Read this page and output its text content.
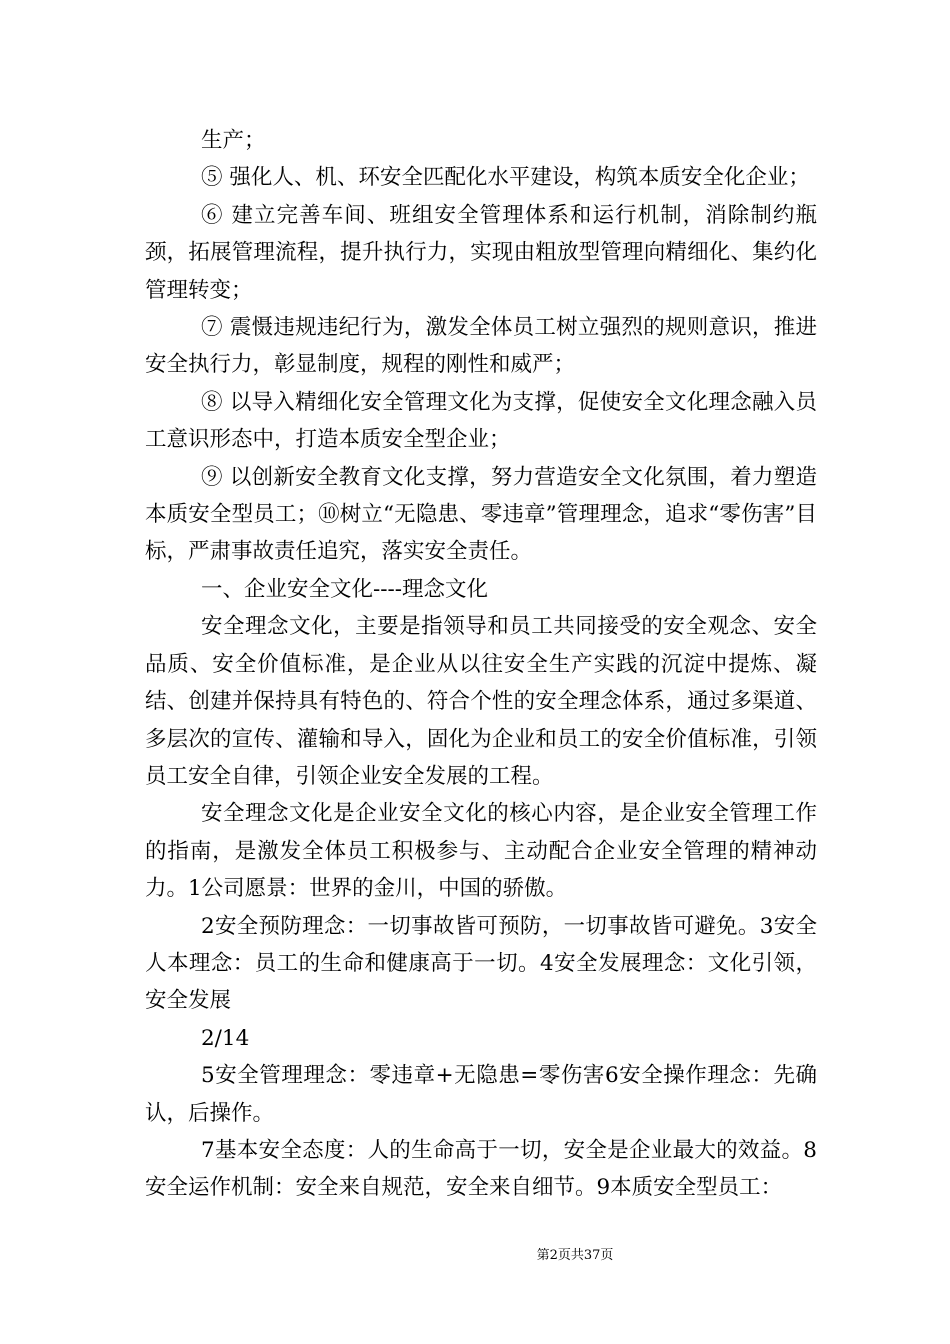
生产；

⑤ 强化人、机、环安全匹配化水平建设，构筑本质安全化企业；

⑥ 建立完善车间、班组安全管理体系和运行机制，消除制约瓶颈，拓展管理流程，提升执行力，实现由粗放型管理向精细化、集约化管理转变；

⑦ 震慑违规违纪行为，激发全体员工树立强烈的规则意识，推进安全执行力，彰显制度，规程的刚性和威严；

⑧ 以导入精细化安全管理文化为支撑，促使安全文化理念融入员工意识形态中，打造本质安全型企业；

⑨ 以创新安全教育文化支撑，努力营造安全文化氛围，着力塑造本质安全型员工；⑩树立“无隐患、零违章”管理理念，追求“零伤害”目标，严肃事故责任追究，落实安全责任。

一、企业安全文化----理念文化

安全理念文化，主要是指领导和员工共同接受的安全观念、安全品质、安全价值标准，是企业从以往安全生产实践的沉淀中提炼、凝结、创建并保持具有特色的、符合个性的安全理念体系，通过多渠道、多层次的宣传、灌输和导入，固化为企业和员工的安全价值标准，引领员工安全自律，引领企业安全发展的工程。

安全理念文化是企业安全文化的核心内容，是企业安全管理工作的指南，是激发全体员工积极参与、主动配合企业安全管理的精神动力。1公司愿景：世界的金川，中国的骄傲。

2安全预防理念：一切事故皆可预防，一切事故皆可避免。3安全人本理念：员工的生命和健康高于一切。4安全发展理念：文化引领，安全发展

2/14

5安全管理理念：零违章+无隐患=零伤害6安全操作理念：先确认，后操作。

7基本安全态度：人的生命高于一切，安全是企业最大的效益。8安全运作机制：安全来自规范，安全来自细节。9本质安全型员工：

第2页共37页
